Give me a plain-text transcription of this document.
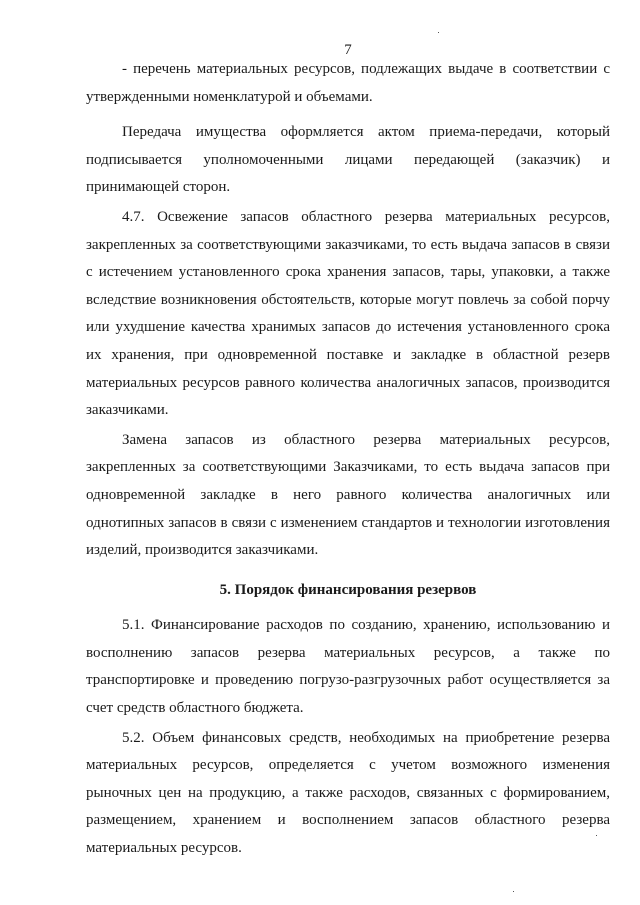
7

- перечень материальных ресурсов, подлежащих выдаче в соответствии с утвержденными номенклатурой и объемами.

Передача имущества оформляется актом приема-передачи, который подписывается уполномоченными лицами передающей (заказчик) и принимающей сторон.

4.7. Освежение запасов областного резерва материальных ресурсов, закрепленных за соответствующими заказчиками, то есть выдача запасов в связи с истечением установленного срока хранения запасов, тары, упаковки, а также вследствие возникновения обстоятельств, которые могут повлечь за собой порчу или ухудшение качества хранимых запасов до истечения установленного срока их хранения, при одновременной поставке и закладке в областной резерв материальных ресурсов равного количества аналогичных запасов, производится заказчиками.

Замена запасов из областного резерва материальных ресурсов, закрепленных за соответствующими Заказчиками, то есть выдача запасов при одновременной закладке в него равного количества аналогичных или однотипных запасов в связи с изменением стандартов и технологии изготовления изделий, производится заказчиками.

5. Порядок финансирования резервов

5.1. Финансирование расходов по созданию, хранению, использованию и восполнению запасов резерва материальных ресурсов, а также по транспортировке и проведению погрузо-разгрузочных работ осуществляется за счет средств областного бюджета.

5.2. Объем финансовых средств, необходимых на приобретение резерва материальных ресурсов, определяется с учетом возможного изменения рыночных цен на продукцию, а также расходов, связанных с формированием, размещением, хранением и восполнением запасов областного резерва материальных ресурсов.
